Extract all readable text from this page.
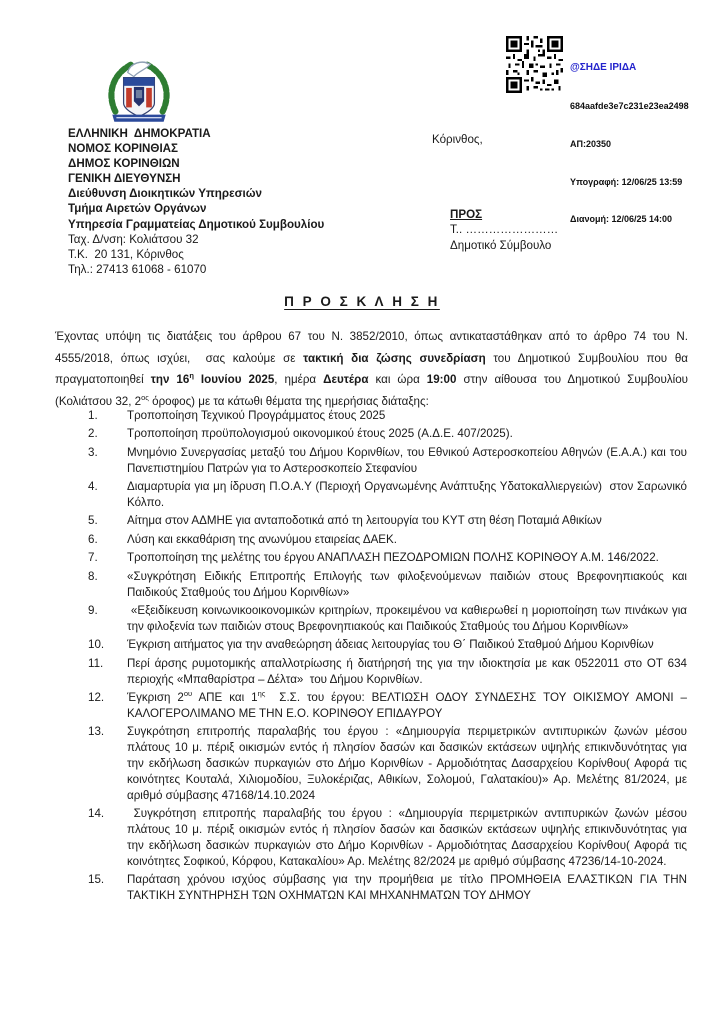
@ΣΗΔΕ ΙΡΙΔΑ

684aafde3e7c231e23ea2498

ΑΠ:20350

Υπογραφή: 12/06/25 13:59

Διανομή: 12/06/25 14:00

ΕΛΛΗΝΙΚΗ  ΔΗΜΟΚΡΑΤΙΑ
ΝΟΜΟΣ ΚΟΡΙΝΘΙΑΣ
ΔΗΜΟΣ ΚΟΡΙΝΘΙΩΝ
ΓΕΝΙΚΗ ΔΙΕΥΘΥΝΣΗ
Διεύθυνση Διοικητικών Υπηρεσιών
Τμήμα Αιρετών Οργάνων
Υπηρεσία Γραμματείας Δημοτικού Συμβουλίου
Ταχ. Δ/νση: Κολιάτσου 32
Τ.Κ.  20 131, Κόρινθος
Τηλ.: 27413 61068 - 61070
Κόρινθος,
ΠΡΟΣ
Τ.. ……………………
Δημοτικό Σύμβουλο
Π Ρ Ο Σ Κ Λ Η Σ Η
Έχοντας υπόψη τις διατάξεις του άρθρου 67 του Ν. 3852/2010, όπως αντικαταστάθηκαν από το άρθρο 74 του Ν. 4555/2018, όπως ισχύει,  σας καλούμε σε τακτική δια ζώσης συνεδρίαση του Δημοτικού Συμβουλίου που θα πραγματοποιηθεί την $16^\eta$ Ιουνίου 2025, ημέρα Δευτέρα και ώρα 19:00 στην αίθουσα του Δημοτικού Συμβουλίου (Κολιάτσου 32, $2^{o\varsigma}$ όροφος) με τα κάτωθι θέματα της ημερήσιας διάταξης:
1.	Τροποποίηση Τεχνικού Προγράμματος έτους 2025
2.	Τροποποίηση προϋπολογισμού οικονομικού έτους 2025 (Α.Δ.Ε. 407/2025).
3.	Μνημόνιο Συνεργασίας μεταξύ του Δήμου Κορινθίων, του Εθνικού Αστεροσκοπείου Αθηνών (Ε.Α.Α.) και του Πανεπιστημίου Πατρών για το Αστεροσκοπείο Στεφανίου
4.	Διαμαρτυρία για μη ίδρυση Π.Ο.Α.Υ (Περιοχή Οργανωμένης Ανάπτυξης Υδατοκαλλιεργειών)  στον Σαρωνικό Κόλπο.
5.	Αίτημα στον ΑΔΜΗΕ για ανταποδοτικά από τη λειτουργία του ΚΥΤ στη θέση Ποταμιά Αθικίων
6.	Λύση και εκκαθάριση της ανωνύμου εταιρείας ΔΑΕΚ.
7.	Τροποποίηση της μελέτης του έργου ΑΝΑΠΛΑΣΗ ΠΕΖΟΔΡΟΜΙΩΝ ΠΟΛΗΣ ΚΟΡΙΝΘΟΥ Α.Μ. 146/2022.
8.	«Συγκρότηση Ειδικής Επιτροπής Επιλογής των φιλοξενούμενων παιδιών στους Βρεφονηπιακούς και Παιδικούς Σταθμούς του Δήμου Κορινθίων»
9.	«Εξειδίκευση κοινωνικοοικονομικών κριτηρίων, προκειμένου να καθιερωθεί η μοριοποίηση των πινάκων για την φιλοξενία των παιδιών στους Βρεφονηπιακούς και Παιδικούς Σταθμούς του Δήμου Κορινθίων»
10.	Έγκριση αιτήματος για την αναθεώρηση άδειας λειτουργίας του Θ΄ Παιδικού Σταθμού Δήμου Κορινθίων
11.	Περί άρσης ρυμοτομικής απαλλοτρίωσης ή διατήρησή της για την ιδιοκτησία με κακ 0522011 στο ΟΤ 634 περιοχής «Μπαθαρίστρα – Δέλτα»  του Δήμου Κορινθίων.
12.	Έγκριση $2^{o\upsilon}$ ΑΠΕ και $1^{\eta\varsigma}$  Σ.Σ. του έργου: ΒΕΛΤΙΩΣΗ ΟΔΟΥ ΣΥΝΔΕΣΗΣ ΤΟΥ ΟΙΚΙΣΜΟΥ ΑΜΟΝΙ – ΚΑΛΟΓΕΡΟΛΙΜΑΝΟ ΜΕ ΤΗΝ Ε.Ο. ΚΟΡΙΝΘΟΥ ΕΠΙΔΑΥΡΟΥ
13.	Συγκρότηση επιτροπής παραλαβής του έργου : «Δημιουργία περιμετρικών αντιπυρικών ζωνών μέσου πλάτους 10 μ. πέριξ οικισμών εντός ή πλησίον δασών και δασικών εκτάσεων υψηλής επικινδυνότητας για την εκδήλωση δασικών πυρκαγιών στο Δήμο Κορινθίων - Αρμοδιότητας Δασαρχείου Κορίνθου( Αφορά τις κοινότητες Κουταλά, Χιλιομοδίου, Ξυλοκέριζας, Αθικίων, Σολομού, Γαλατακίου)» Αρ. Μελέτης 81/2024, με αριθμό σύμβασης 47168/14.10.2024
14.	Συγκρότηση επιτροπής παραλαβής του έργου : «Δημιουργία περιμετρικών αντιπυρικών ζωνών μέσου πλάτους 10 μ. πέριξ οικισμών εντός ή πλησίον δασών και δασικών εκτάσεων υψηλής επικινδυνότητας για την εκδήλωση δασικών πυρκαγιών στο Δήμο Κορινθίων - Αρμοδιότητας Δασαρχείου Κορίνθου( Αφορά τις κοινότητες Σοφικού, Κόρφου, Κατακαλίου» Αρ. Μελέτης 82/2024 με αριθμό σύμβασης 47236/14-10-2024.
15.	Παράταση χρόνου ισχύος σύμβασης για την προμήθεια με τίτλο ΠΡΟΜΗΘΕΙΑ ΕΛΑΣΤΙΚΩΝ ΓΙΑ ΤΗΝ ΤΑΚΤΙΚΗ ΣΥΝΤΗΡΗΣΗ ΤΩΝ ΟΧΗΜΑΤΩΝ ΚΑΙ ΜΗΧΑΝΗΜΑΤΩΝ ΤΟΥ ΔΗΜΟΥ
